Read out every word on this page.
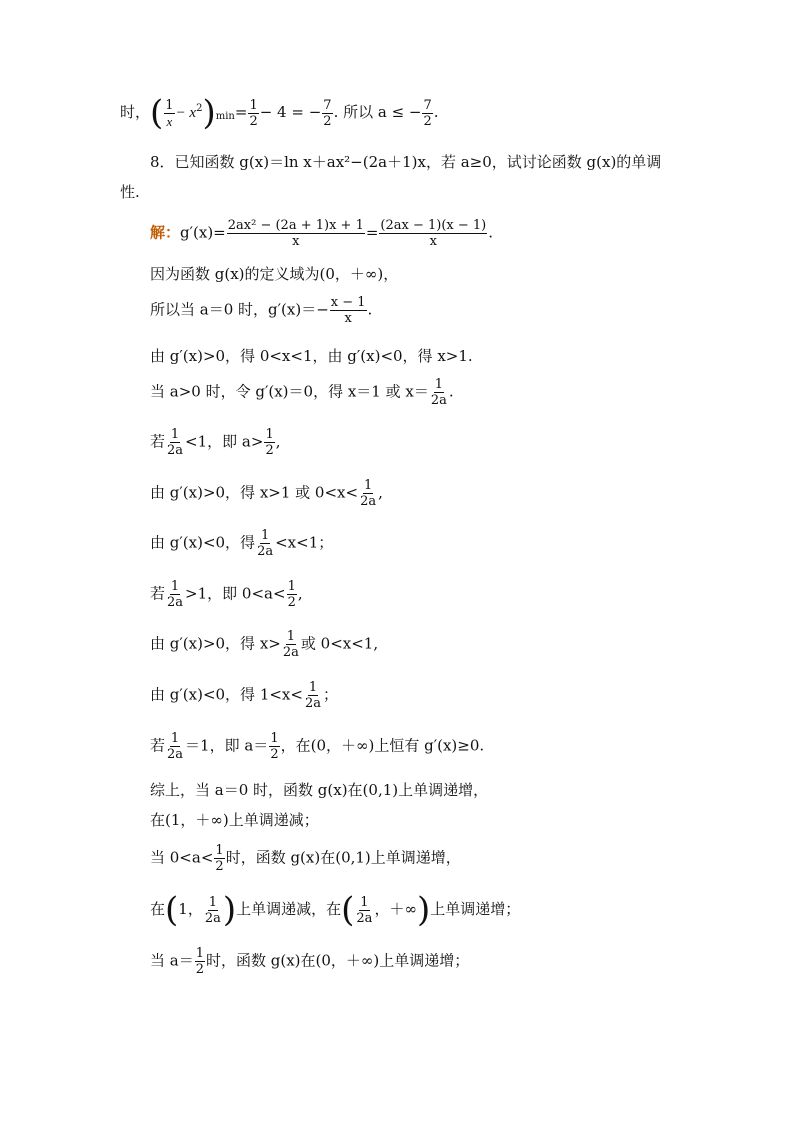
时，( $\frac{1}{x} - x^2)_{min}= \frac{1}{2} - 4$ = − $\frac{7}{2}$ . 所以 a ≤ − $\frac{7}{2}$ .
8．已知函数 g(x)＝ln x＋ax²−(2a＋1)x，若 a≥0，试讨论函数 g(x)的单调
性.
解：$g'(x)= \frac{\text{2ax² − (2a + 1)x + 1}}{x} = \frac{(2ax - 1)(x - 1)}{x}$ .
因为函数 g(x)的定义域为(0，＋∞)，
所以当 a＝0 时，$g'(x)=- \frac{x - 1}{x}$ .
由 g′(x)>0，得 0<x<1，由 g′(x)<0，得 x>1.
当 a>0 时，令 g′(x)＝0，得 x＝1 或 $x= \frac{1}{2a}$ .
若 $\frac{1}{2a} <1$，即 $a> \frac{1}{2}$ ,
由 g′(x)>0，得 x>1 或 $0<x< \frac{1}{2a}$ ,
由 g′(x)<0，得 $\frac{1}{2a} <x<1$；
若 $\frac{1}{2a} >1$，即 $0<a< \frac{1}{2}$ ,
由 g′(x)>0，得 $x> \frac{1}{2a}$ 或 0<x<1,
由 g′(x)<0，得 $1<x< \frac{1}{2a}$ ；
若 $\frac{1}{2a} =1$，即 $a= \frac{1}{2}$ ，在(0，＋∞)上恒有 g′(x)≥0.
综上，当 a＝0 时，函数 g(x)在(0,1)上单调递增，
在(1，＋∞)上单调递减；
当 $0<a< \frac{1}{2}$ 时，函数 g(x)在(0,1)上单调递增，
在(1， $\frac{1}{2a}$ )上单调递减，在( $\frac{1}{2a}$ ，＋∞)上单调递增；
当 $a= \frac{1}{2}$ 时，函数 g(x)在(0，＋∞)上单调递增；
